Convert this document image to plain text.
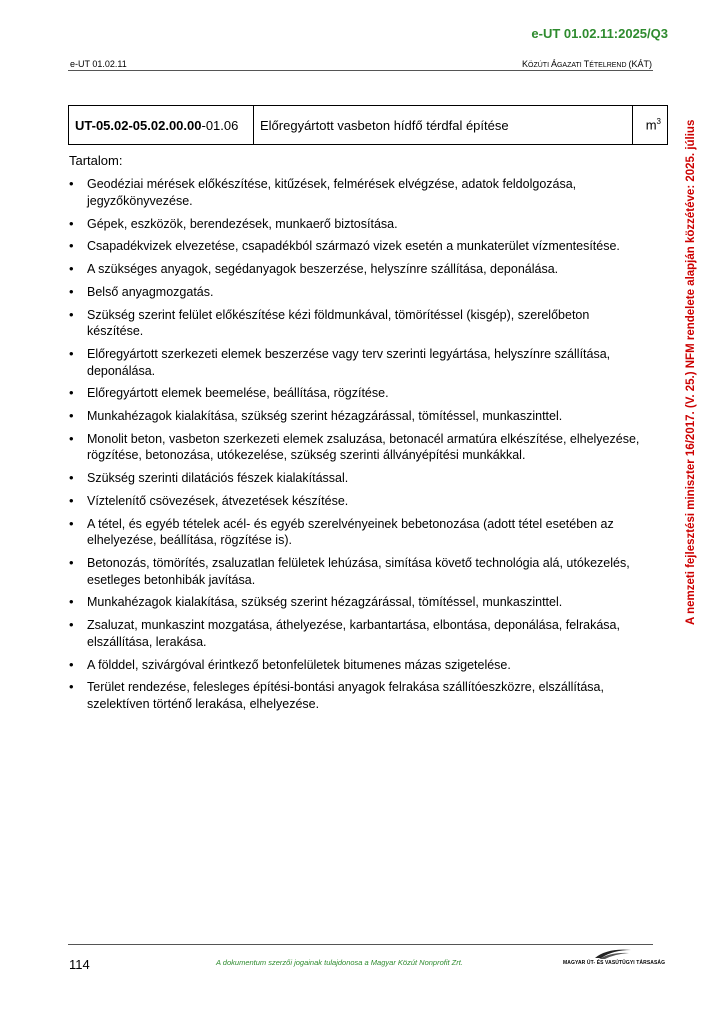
e-UT 01.02.11:2025/Q3
e-UT 01.02.11	KÖZÚTI ÁGAZATI TÉTELREND (KÁT)
A nemzeti fejlesztési miniszter 16/2017. (V. 25.) NFM rendelete alapján közzétéve: 2025. július
UT-05.02-05.02.00.00-01.06	Előregyártott vasbeton hídfő térdfal építése	$m^3$
Tartalom:
• Geodéziai mérések előkészítése, kitűzések, felmérések elvégzése, adatok feldolgozása, jegyzőkönyvezése.
• Gépek, eszközök, berendezések, munkaerő biztosítása.
• Csapadékvizek elvezetése, csapadékból származó vizek esetén a munkaterület vízmentesítése.
• A szükséges anyagok, segédanyagok beszerzése, helyszínre szállítása, deponálása.
• Belső anyagmozgatás.
• Szükség szerint felület előkészítése kézi földmunkával, tömörítéssel (kisgép), szerelőbeton készítése.
• Előregyártott szerkezeti elemek beszerzése vagy terv szerinti legyártása, helyszínre szállítása, deponálása.
• Előregyártott elemek beemelése, beállítása, rögzítése.
• Munkahézagok kialakítása, szükség szerint hézagzárással, tömítéssel, munkaszinttel.
• Monolit beton, vasbeton szerkezeti elemek zsaluzása, betonacél armatúra elkészítése, elhelyezése, rögzítése, betonozása, utókezelése, szükség szerinti állványépítési munkákkal.
• Szükség szerinti dilatációs fészek kialakítással.
• Víztelenítő csövezések, átvezetések készítése.
• A tétel, és egyéb tételek acél- és egyéb szerelvényeinek bebetonozása (adott tétel esetében az elhelyezése, beállítása, rögzítése is).
• Betonozás, tömörítés, zsaluzatlan felületek lehúzása, simítása követő technológia alá, utókezelés, esetleges betonhibák javítása.
• Munkahézagok kialakítása, szükség szerint hézagzárással, tömítéssel, munkaszinttel.
• Zsaluzat, munkaszint mozgatása, áthelyezése, karbantartása, elbontása, deponálása, felrakása, elszállítása, lerakása.
• A földdel, szivárgóval érintkező betonfelületek bitumenes mázas szigetelése.
• Terület rendezése, felesleges építési-bontási anyagok felrakása szállítóeszközre, elszállítása, szelektíven történő lerakása, elhelyezése.
114	A dokumentum szerzői jogainak tulajdonosa a Magyar Közút Nonprofit Zrt.	MAGYAR ÚT- ÉS VASÚTÜGYI TÁRSASÁG
